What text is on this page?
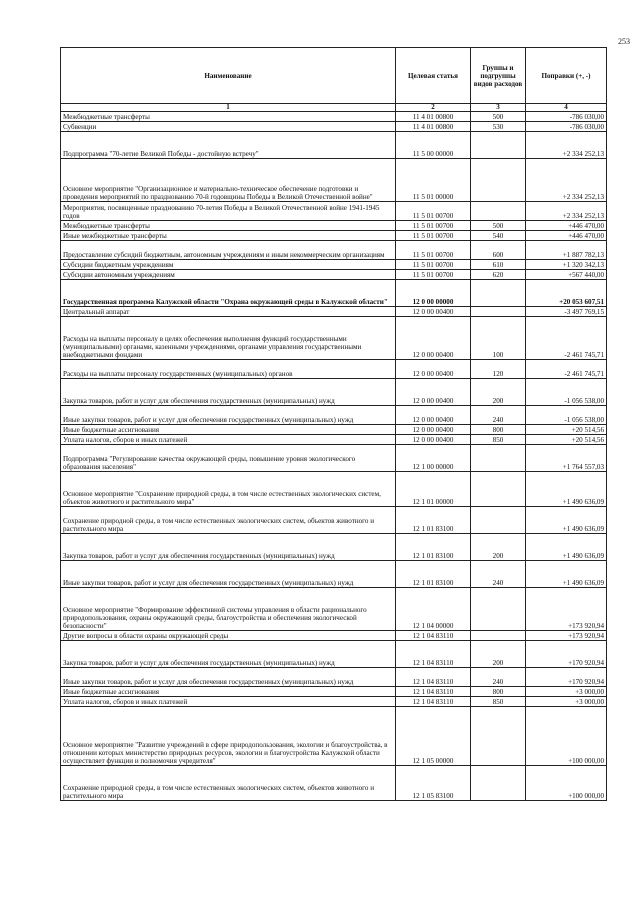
253
Наименование	Целевая статья	Группы и подгруппы видов расходов	Поправки (+, -)
1	2	3	4
Межбюджетные трансферты	11 4 01 00800	500	-786 030,00
Субвенции	11 4 01 00800	530	-786 030,00
Подпрограмма "70-летие Великой Победы - достойную встречу"	11 5 00 00000		+2 334 252,13
Основное мероприятие "Организационное и материально-техническое обеспечение подготовки и проведения мероприятий по празднованию 70-й годовщины Победы в Великой Отечественной войне"	11 5 01 00000		+2 334 252,13
Мероприятия, посвященные празднованию 70-летия Победы в Великой Отечественной войне 1941-1945 годов	11 5 01 00700		+2 334 252,13
Межбюджетные трансферты	11 5 01 00700	500	+446 470,00
Иные межбюджетные трансферты	11 5 01 00700	540	+446 470,00
Предоставление субсидий бюджетным, автономным учреждениям и иным некоммерческим организациям	11 5 01 00700	600	+1 887 782,13
Субсидии бюджетным учреждениям	11 5 01 00700	610	+1 320 342,13
Субсидии автономным учреждениям	11 5 01 00700	620	+567 440,00
Государственная программа Калужской области "Охрана окружающей среды в Калужской области"	12 0 00 00000		+20 053 607,51
Центральный аппарат	12 0 00 00400		-3 497 769,15
Расходы на выплаты персоналу в целях обеспечения выполнения функций государственными (муниципальными) органами, казенными учреждениями, органами управления государственными внебюджетными фондами	12 0 00 00400	100	-2 461 745,71
Расходы на выплаты персоналу государственных (муниципальных) органов	12 0 00 00400	120	-2 461 745,71
Закупка товаров, работ и услуг для обеспечения государственных (муниципальных) нужд	12 0 00 00400	200	-1 056 538,00
Иные закупки товаров, работ и услуг для обеспечения государственных (муниципальных) нужд	12 0 00 00400	240	-1 056 538,00
Иные бюджетные ассигнования	12 0 00 00400	800	+20 514,56
Уплата налогов, сборов и иных платежей	12 0 00 00400	850	+20 514,56
Подпрограмма "Регулирование качества окружающей среды, повышение уровня экологического образования населения"	12 1 00 00000		+1 764 557,03
Основное мероприятие "Сохранение природной среды, в том числе естественных экологических систем, объектов животного и растительного мира"	12 1 01 00000		+1 490 636,09
Сохранение природной среды, в том числе естественных экологических систем, объектов животного и растительного мира	12 1 01 83100		+1 490 636,09
Закупка товаров, работ и услуг для обеспечения государственных (муниципальных) нужд	12 1 01 83100	200	+1 490 636,09
Иные закупки товаров, работ и услуг для обеспечения государственных (муниципальных) нужд	12 1 01 83100	240	+1 490 636,09
Основное мероприятие "Формирование эффективной системы управления в области рационального природопользования, охраны окружающей среды, благоустройства и обеспечения экологической безопасности"	12 1 04 00000		+173 920,94
Другие вопросы в области охраны окружающей среды	12 1 04 83110		+173 920,94
Закупка товаров, работ и услуг для обеспечения государственных (муниципальных) нужд	12 1 04 83110	200	+170 920,94
Иные закупки товаров, работ и услуг для обеспечения государственных (муниципальных) нужд	12 1 04 83110	240	+170 920,94
Иные бюджетные ассигнования	12 1 04 83110	800	+3 000,00
Уплата налогов, сборов и иных платежей	12 1 04 83110	850	+3 000,00
Основное мероприятие "Развитие учреждений в сфере природопользования, экологии и благоустройства, в отношении которых министерство природных ресурсов, экологии и благоустройства Калужской области осуществляет функции и полномочия учредителя"	12 1 05 00000		+100 000,00
Сохранение природной среды, в том числе естественных экологических систем, объектов животного и растительного мира	12 1 05 83100		+100 000,00
